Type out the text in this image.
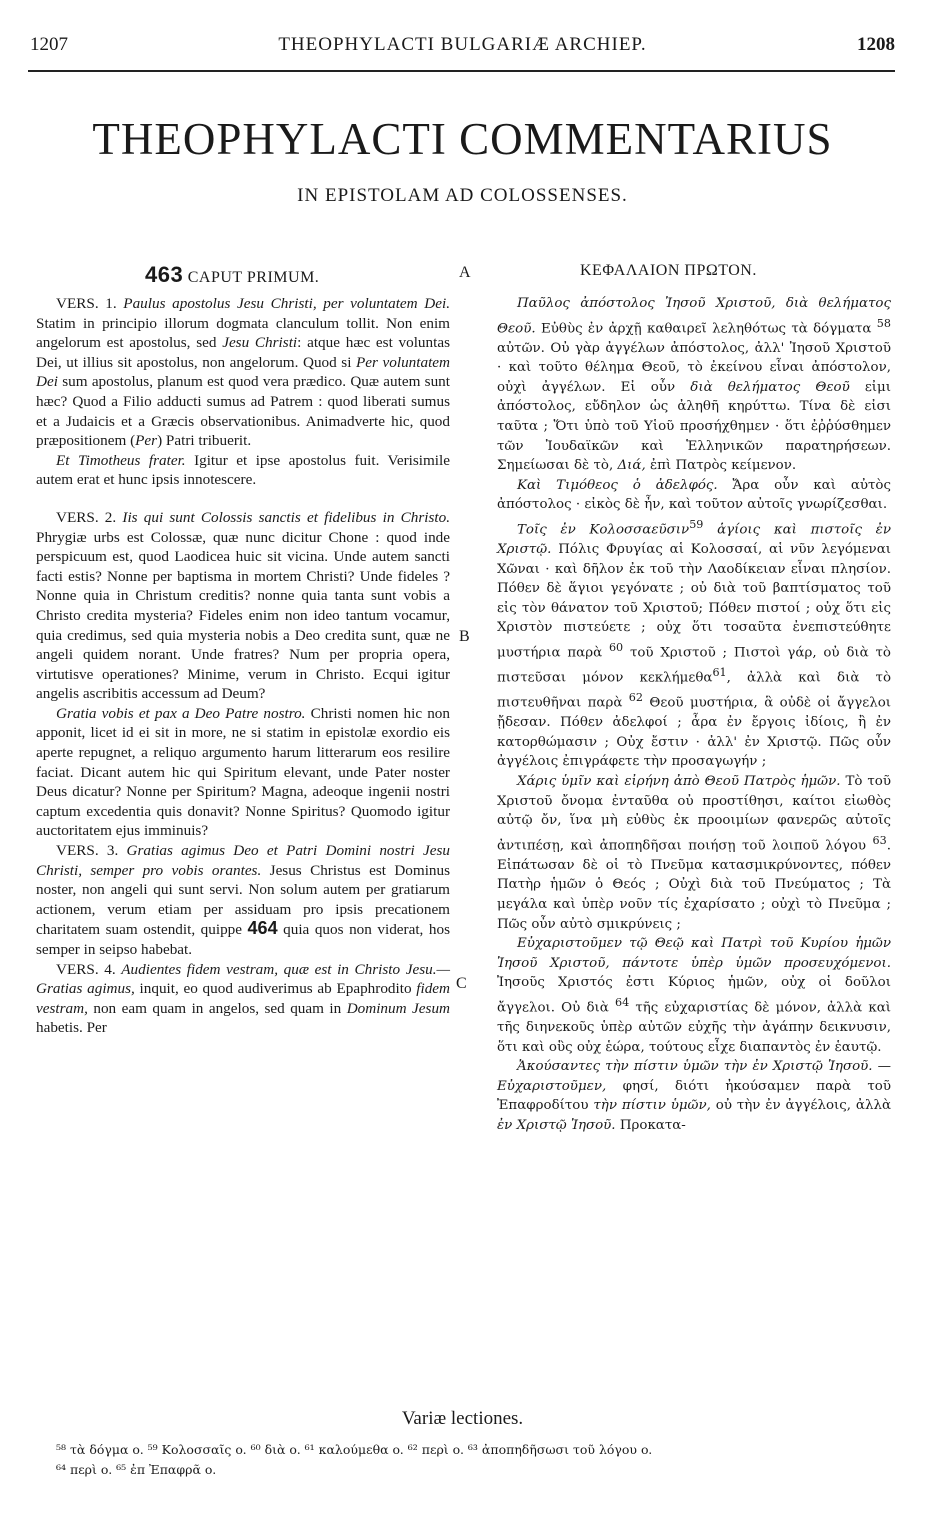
1207	THEOPHYLACTI BULGARIÆ ARCHIEP.	1208
THEOPHYLACTI COMMENTARIUS
IN EPISTOLAM AD COLOSSENSES.
463 CAPUT PRIMUM.	ΚΕΦΑΛΑΙΟΝ ΠΡΩΤΟΝ.
A
B
C

VERS. 1. Paulus apostolus Jesu Christi, per voluntatem Dei. Statim in principio illorum dogmata clanculum tollit. Non enim angelorum est apostolus, sed Jesu Christi: atque hæc est voluntas Dei, ut illius sit apostolus, non angelorum. Quod si Per voluntatem Dei sum apostolus, planum est quod vera prædico. Quæ autem sunt hæc? Quod a Filio adducti sumus ad Patrem : quod liberati sumus et a Judaicis et a Græcis observationibus. Animadverte hic, quod præpositionem (Per) Patri tribuerit.

Et Timotheus frater. Igitur et ipse apostolus fuit. Verisimile autem erat et hunc ipsis innotescere.

VERS. 2. Iis qui sunt Colossis sanctis et fidelibus in Christo. Phrygiæ urbs est Colossæ, quæ nunc dicitur Chone : quod inde perspicuum est, quod Laodicea huic sit vicina. Unde autem sancti facti estis? Nonne per baptisma in mortem Christi? Unde fideles ? Nonne quia in Christum creditis? nonne quia tanta sunt vobis a Christo credita mysteria? Fideles enim non ideo tantum vocamur, quia credimus, sed quia mysteria nobis a Deo credita sunt, quæ ne angeli quidem norant. Unde fratres? Num per propria opera, virtutisve operationes? Minime, verum in Christo. Ecqui igitur angelis ascribitis accessum ad Deum?

Gratia vobis et pax a Deo Patre nostro. Christi nomen hic non apponit, licet id ei sit in more, ne si statim in epistolæ exordio eis aperte repugnet, a reliquo argumento harum litterarum eos resilire faciat. Dicant autem hic qui Spiritum elevant, unde Pater noster Deus dicatur? Nonne per Spiritum? Magna, adeoque ingenii nostri captum excedentia quis donavit? Nonne Spiritus? Quomodo igitur auctoritatem ejus imminuis?

VERS. 3. Gratias agimus Deo et Patri Domini nostri Jesu Christi, semper pro vobis orantes. Jesus Christus est Dominus noster, non angeli qui sunt servi. Non solum autem per gratiarum actionem, verum etiam per assiduam pro ipsis precationem charitatem suam ostendit, quippe 464 quia quos non viderat, hos semper in seipso habebat.

VERS. 4. Audientes fidem vestram, quæ est in Christo Jesu.—Gratias agimus, inquit, eo quod audiverimus ab Epaphrodito fidem vestram, non eam quam in angelos, sed quam in Dominum Jesum habetis. Per

Παῦλος ἀπόστολος Ἰησοῦ Χριστοῦ, διὰ θελήματος Θεοῦ. Εὐθὺς ἐν ἀρχῇ καθαιρεῖ λεληθότως τὰ δόγματα $^{58}$ αὐτῶν. Οὐ γὰρ ἀγγέλων ἀπόστολος, ἀλλ' Ἰησοῦ Χριστοῦ · καὶ τοῦτο θέλημα Θεοῦ, τὸ ἐκείνου εἶναι ἀπόστολον, οὐχὶ ἀγγέλων. Εἰ οὖν διὰ θελήματος Θεοῦ εἰμι ἀπόστολος, εὔδηλον ὡς ἀληθῆ κηρύττω. Τίνα δὲ εἰσι ταῦτα ; Ὅτι ὑπὸ τοῦ Υἱοῦ προσήχθημεν · ὅτι ἐῤῥύσθημεν τῶν Ἰουδαϊκῶν καὶ Ἑλληνικῶν παρατηρήσεων. Σημείωσαι δὲ τὸ, Διά, ἐπὶ Πατρὸς κείμενον.

Καὶ Τιμόθεος ὁ ἀδελφός. Ἄρα οὖν καὶ αὐτὸς ἀπόστολος · εἰκὸς δὲ ἦν, καὶ τοῦτον αὐτοῖς γνωρίζεσθαι.

Τοῖς ἐν Κολοσσαεῦσιν$^{59}$ ἁγίοις καὶ πιστοῖς ἐν Χριστῷ. Πόλις Φρυγίας αἱ Κολοσσαί, αἱ νῦν λεγόμεναι Χῶναι · καὶ δῆλον ἐκ τοῦ τὴν Λαοδίκειαν εἶναι πλησίον. Πόθεν δὲ ἅγιοι γεγόνατε ; οὐ διὰ τοῦ βαπτίσματος τοῦ εἰς τὸν θάνατον τοῦ Χριστοῦ; Πόθεν πιστοί ; οὐχ ὅτι εἰς Χριστὸν πιστεύετε ; οὐχ ὅτι τοσαῦτα ἐνεπιστεύθητε μυστήρια παρὰ $^{60}$ τοῦ Χριστοῦ ; Πιστοὶ γάρ, οὐ διὰ τὸ πιστεῦσαι μόνον κεκλήμεθα$^{61}$, ἀλλὰ καὶ διὰ τὸ πιστευθῆναι παρὰ $^{62}$ Θεοῦ μυστήρια, ἃ οὐδὲ οἱ ἄγγελοι ᾔδεσαν. Πόθεν ἀδελφοί ; ἆρα ἐν ἔργοις ἰδίοις, ἢ ἐν κατορθώμασιν ; Οὐχ ἔστιν · ἀλλ' ἐν Χριστῷ. Πῶς οὖν ἀγγέλοις ἐπιγράφετε τὴν προσαγωγήν ;

Χάρις ὑμῖν καὶ εἰρήνη ἀπὸ Θεοῦ Πατρὸς ἡμῶν. Τὸ τοῦ Χριστοῦ ὄνομα ἐνταῦθα οὐ προστίθησι, καίτοι εἰωθὸς αὐτῷ ὄν, ἵνα μὴ εὐθὺς ἐκ προοιμίων φανερῶς αὐτοῖς ἀντιπέσῃ, καὶ ἀποπηδῆσαι ποιήσῃ τοῦ λοιποῦ λόγου $^{63}$. Εἰπάτωσαν δὲ οἱ τὸ Πνεῦμα κατασμικρύνοντες, πόθεν Πατὴρ ἡμῶν ὁ Θεός ; Οὐχὶ διὰ τοῦ Πνεύματος ; Τὰ μεγάλα καὶ ὑπὲρ νοῦν τίς ἐχαρίσατο ; οὐχὶ τὸ Πνεῦμα ; Πῶς οὖν αὐτὸ σμικρύνεις ;

Εὐχαριστοῦμεν τῷ Θεῷ καὶ Πατρὶ τοῦ Κυρίου ἡμῶν Ἰησοῦ Χριστοῦ, πάντοτε ὑπὲρ ὑμῶν προσευχόμενοι. Ἰησοῦς Χριστός ἐστι Κύριος ἡμῶν, οὐχ οἱ δοῦλοι ἄγγελοι. Οὐ διὰ $^{64}$ τῆς εὐχαριστίας δὲ μόνον, ἀλλὰ καὶ τῆς διηνεκοῦς ὑπὲρ αὐτῶν εὐχῆς τὴν ἀγάπην δεικνυσιν, ὅτι καὶ οὓς οὐχ ἑώρα, τούτους εἶχε διαπαντὸς ἐν ἑαυτῷ.

Ἀκούσαντες τὴν πίστιν ὑμῶν τὴν ἐν Χριστῷ Ἰησοῦ. — Εὐχαριστοῦμεν, φησί, διότι ἠκούσαμεν παρὰ τοῦ Ἐπαφροδίτου τὴν πίστιν ὑμῶν, οὐ τὴν ἐν ἀγγέλοις, ἀλλὰ ἐν Χριστῷ Ἰησοῦ. Προκατα-

Variæ lectiones.
⁵⁸ τὰ δόγμα o. ⁵⁹ Κολοσσαῖς o. ⁶⁰ διὰ o. ⁶¹ καλούμεθα o. ⁶² περὶ o. ⁶³ ἀποπηδῆσωσι τοῦ λόγου o.
⁶⁴ περὶ o. ⁶⁵ ἐπ Ἐπαφρᾶ o.
